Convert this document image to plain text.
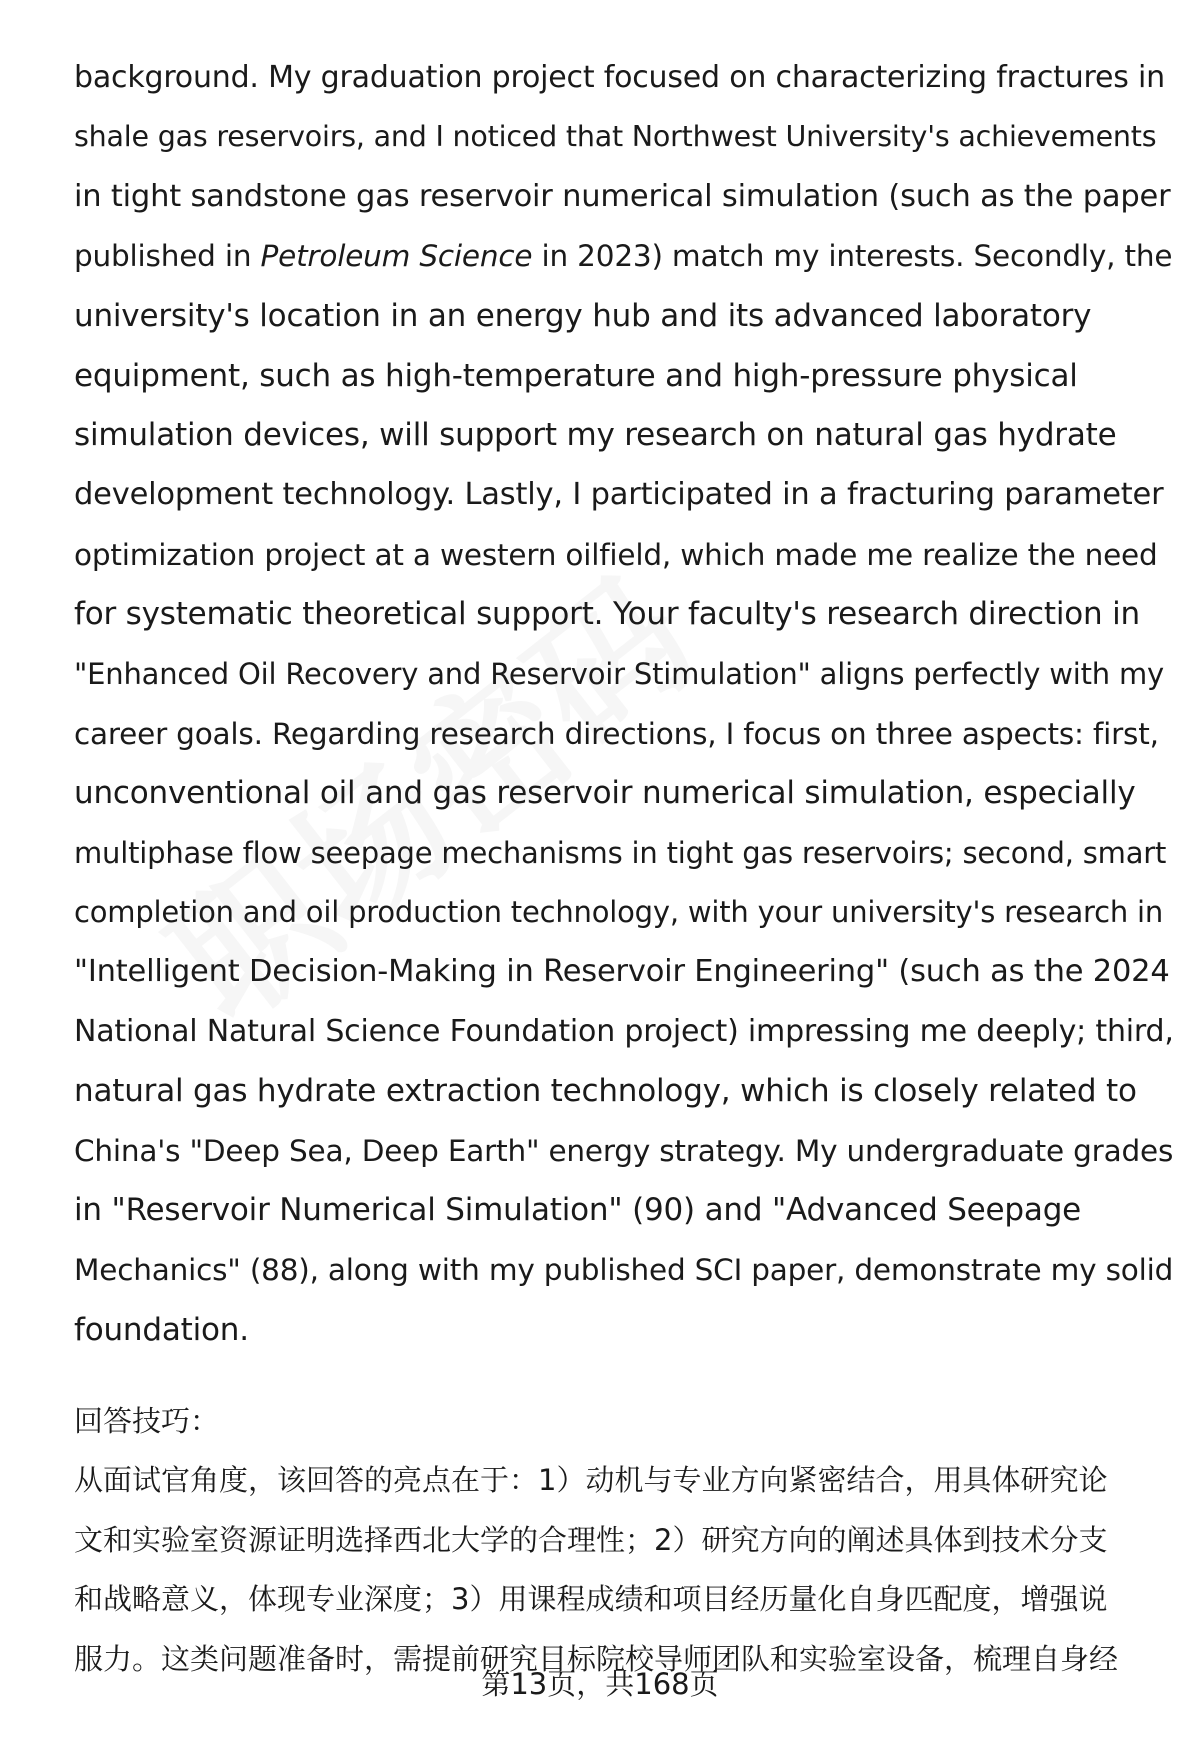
background. My graduation project focused on characterizing fractures in
shale gas reservoirs, and I noticed that Northwest University's achievements
in tight sandstone gas reservoir numerical simulation (such as the paper
published in Petroleum Science in 2023) match my interests. Secondly, the
university's location in an energy hub and its advanced laboratory
equipment, such as high-temperature and high-pressure physical
simulation devices, will support my research on natural gas hydrate
development technology. Lastly, I participated in a fracturing parameter
optimization project at a western oilfield, which made me realize the need
for systematic theoretical support. Your faculty's research direction in
"Enhanced Oil Recovery and Reservoir Stimulation" aligns perfectly with my
career goals. Regarding research directions, I focus on three aspects: first,
unconventional oil and gas reservoir numerical simulation, especially
multiphase flow seepage mechanisms in tight gas reservoirs; second, smart
completion and oil production technology, with your university's research in
"Intelligent Decision-Making in Reservoir Engineering" (such as the 2024
National Natural Science Foundation project) impressing me deeply; third,
natural gas hydrate extraction technology, which is closely related to
China's "Deep Sea, Deep Earth" energy strategy. My undergraduate grades
in "Reservoir Numerical Simulation" (90) and "Advanced Seepage
Mechanics" (88), along with my published SCI paper, demonstrate my solid
foundation.
回答技巧：
从面试官角度，该回答的亮点在于：1）动机与专业方向紧密结合，用具体研究论
文和实验室资源证明选择西北大学的合理性；2）研究方向的阐述具体到技术分支
和战略意义，体现专业深度；3）用课程成绩和项目经历量化自身匹配度，增强说
服力。这类问题准备时，需提前研究目标院校导师团队和实验室设备，梳理自身经
第13页，共168页
